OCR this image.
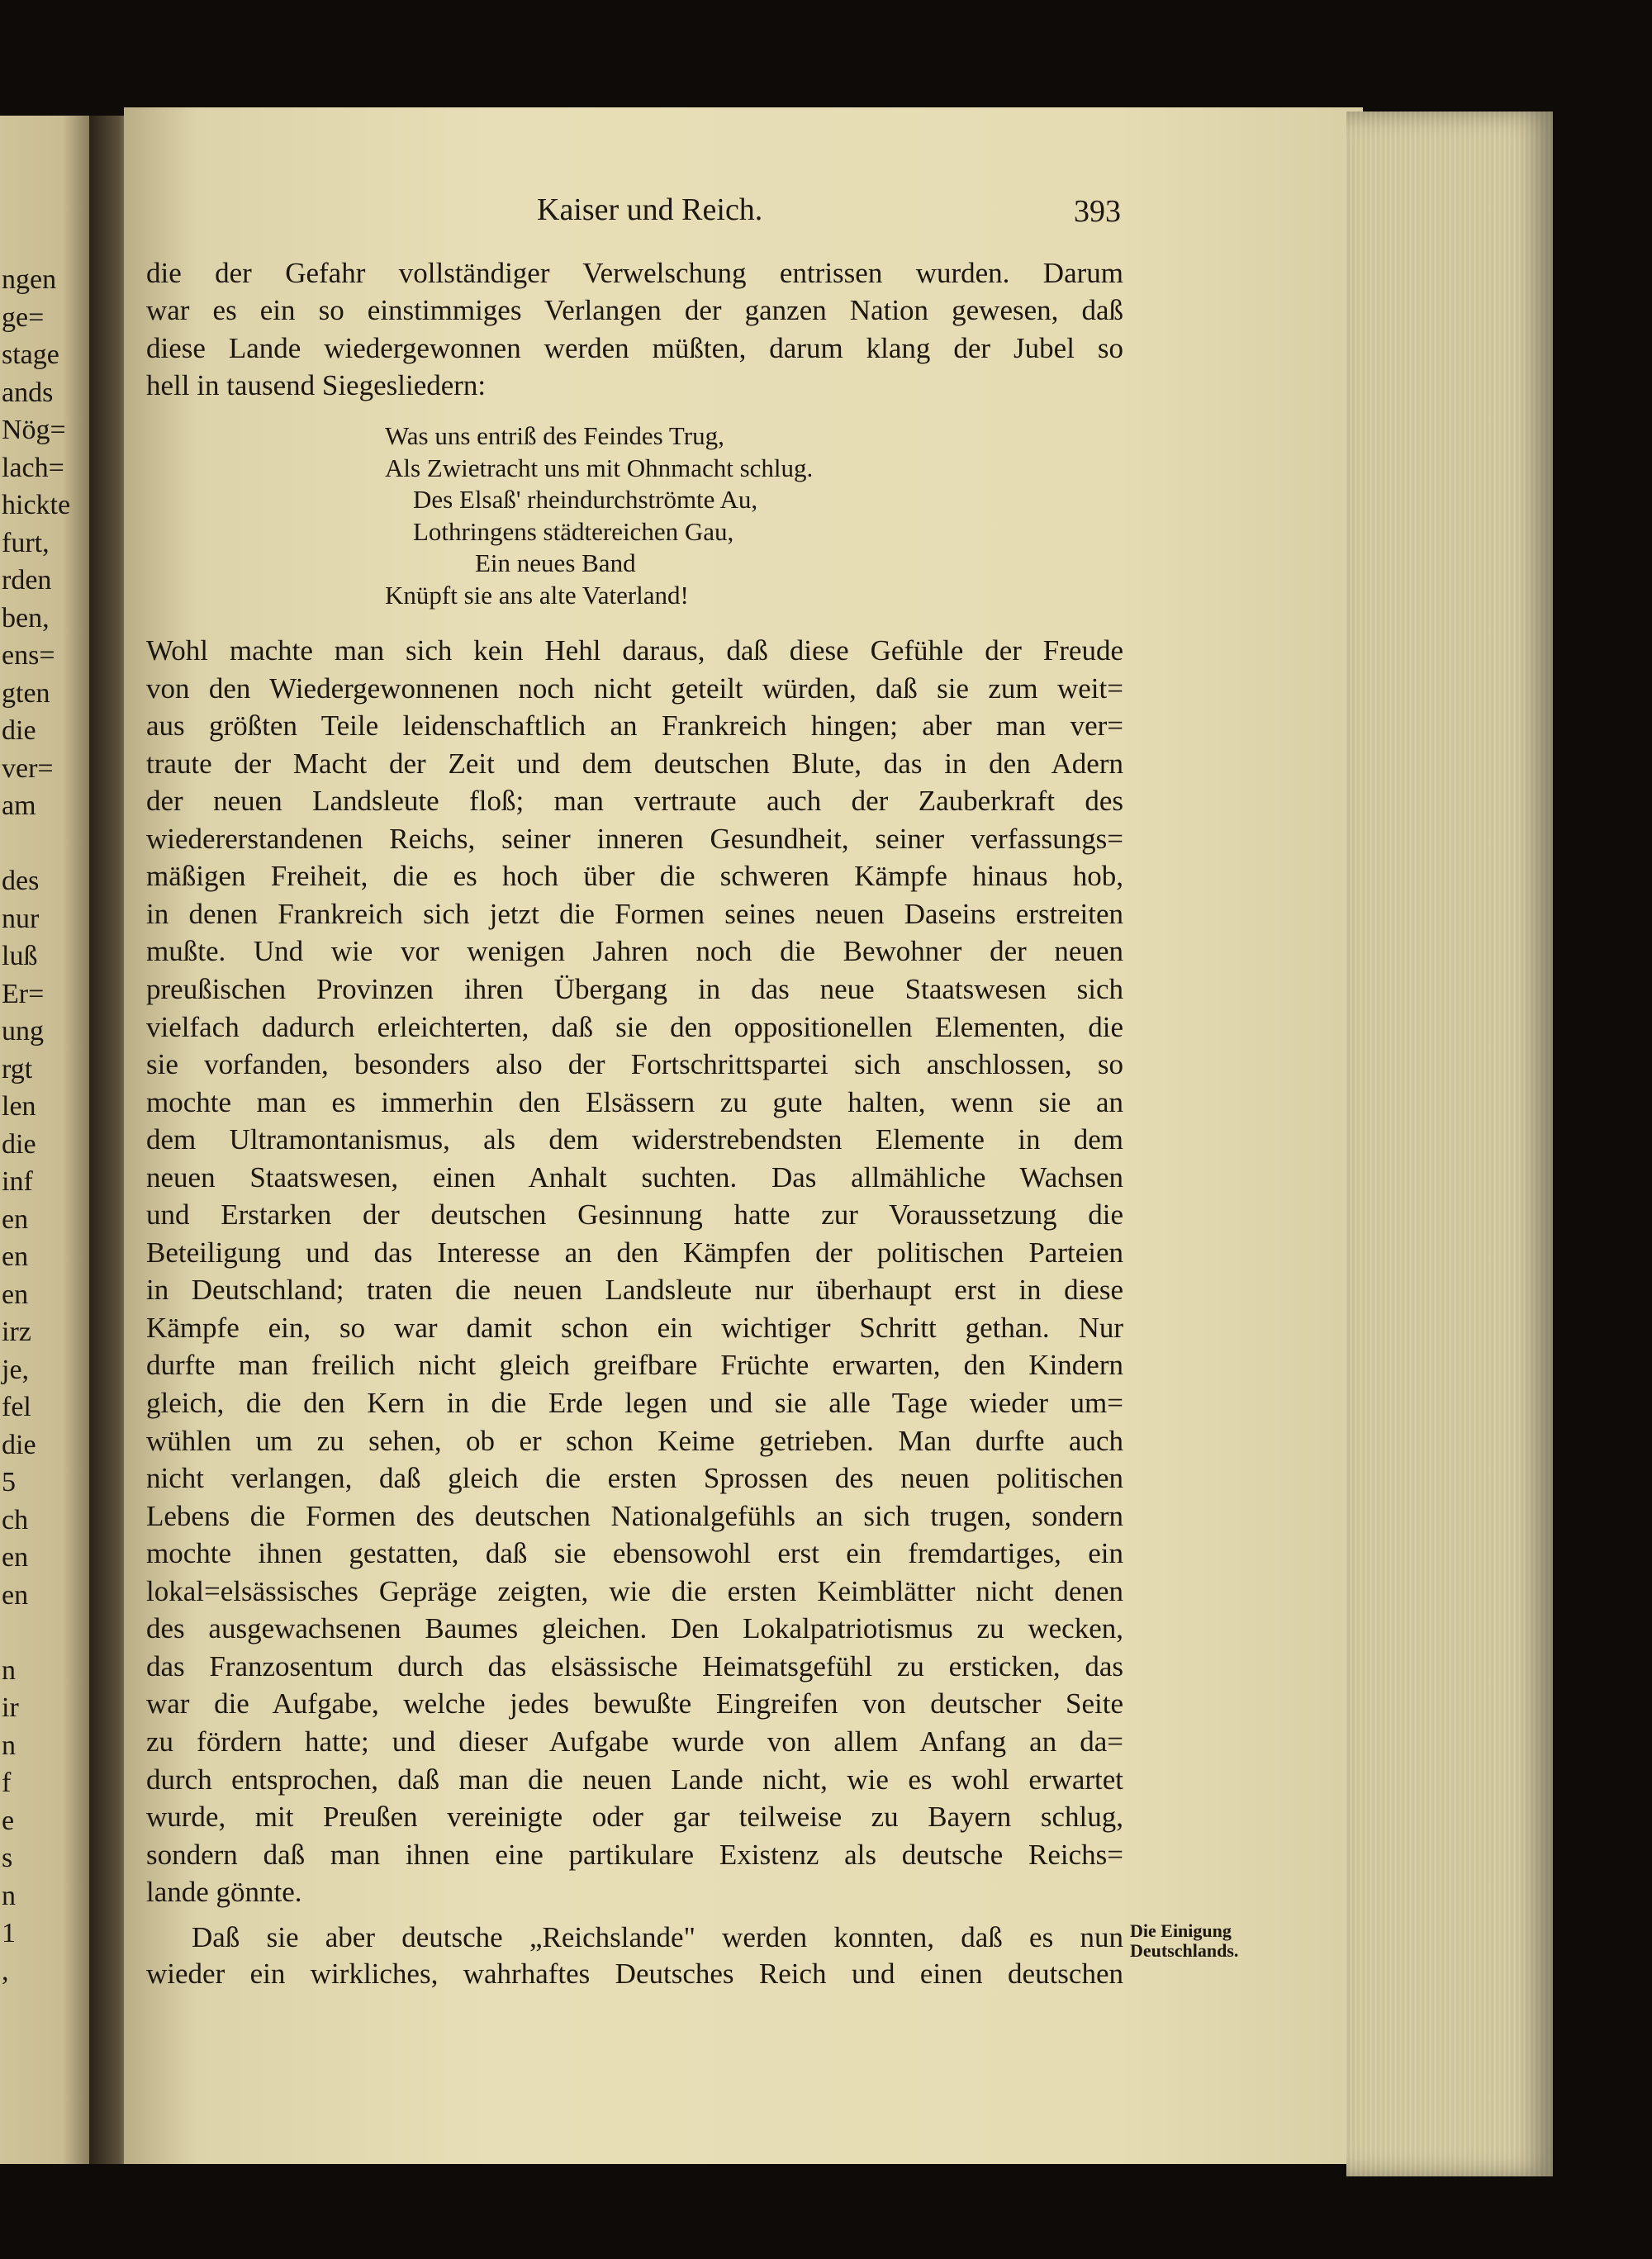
ngen
ge=
stage
ands
Nög=
lach=
hickte
furt,
rden
ben,
ens=
gten
die
ver=
am
des
nur
luß
Er=
ung
rgt
len
die
inf
en
en
en
irz
je,
fel
die
5
ch
en
en
n
ir
n
f
e
s
n
1
,
Kaiser und Reich.	393
die der Gefahr vollständiger Verwelschung entrissen wurden. Darum
war es ein so einstimmiges Verlangen der ganzen Nation gewesen, daß
diese Lande wiedergewonnen werden müßten, darum klang der Jubel so
hell in tausend Siegesliedern:
Was uns entriß des Feindes Trug,
Als Zwietracht uns mit Ohnmacht schlug.
Des Elsaß' rheindurchströmte Au,
Lothringens städtereichen Gau,
Ein neues Band
Knüpft sie ans alte Vaterland!
Wohl machte man sich kein Hehl daraus, daß diese Gefühle der Freude
von den Wiedergewonnenen noch nicht geteilt würden, daß sie zum weit=
aus größten Teile leidenschaftlich an Frankreich hingen; aber man ver=
traute der Macht der Zeit und dem deutschen Blute, das in den Adern
der neuen Landsleute floß; man vertraute auch der Zauberkraft des
wiedererstandenen Reichs, seiner inneren Gesundheit, seiner verfassungs=
mäßigen Freiheit, die es hoch über die schweren Kämpfe hinaus hob,
in denen Frankreich sich jetzt die Formen seines neuen Daseins erstreiten
mußte. Und wie vor wenigen Jahren noch die Bewohner der neuen
preußischen Provinzen ihren Übergang in das neue Staatswesen sich
vielfach dadurch erleichterten, daß sie den oppositionellen Elementen, die
sie vorfanden, besonders also der Fortschrittspartei sich anschlossen, so
mochte man es immerhin den Elsässern zu gute halten, wenn sie an
dem Ultramontanismus, als dem widerstrebendsten Elemente in dem
neuen Staatswesen, einen Anhalt suchten. Das allmähliche Wachsen
und Erstarken der deutschen Gesinnung hatte zur Voraussetzung die
Beteiligung und das Interesse an den Kämpfen der politischen Parteien
in Deutschland; traten die neuen Landsleute nur überhaupt erst in diese
Kämpfe ein, so war damit schon ein wichtiger Schritt gethan. Nur
durfte man freilich nicht gleich greifbare Früchte erwarten, den Kindern
gleich, die den Kern in die Erde legen und sie alle Tage wieder um=
wühlen um zu sehen, ob er schon Keime getrieben. Man durfte auch
nicht verlangen, daß gleich die ersten Sprossen des neuen politischen
Lebens die Formen des deutschen Nationalgefühls an sich trugen, sondern
mochte ihnen gestatten, daß sie ebensowohl erst ein fremdartiges, ein
lokal=elsässisches Gepräge zeigten, wie die ersten Keimblätter nicht denen
des ausgewachsenen Baumes gleichen. Den Lokalpatriotismus zu wecken,
das Franzosentum durch das elsässische Heimatsgefühl zu ersticken, das
war die Aufgabe, welche jedes bewußte Eingreifen von deutscher Seite
zu fördern hatte; und dieser Aufgabe wurde von allem Anfang an da=
durch entsprochen, daß man die neuen Lande nicht, wie es wohl erwartet
wurde, mit Preußen vereinigte oder gar teilweise zu Bayern schlug,
sondern daß man ihnen eine partikulare Existenz als deutsche Reichs=
lande gönnte.
Daß sie aber deutsche „Reichslande" werden konnten, daß es nun
wieder ein wirkliches, wahrhaftes Deutsches Reich und einen deutschen
Die Einigung
Deutschlands.
